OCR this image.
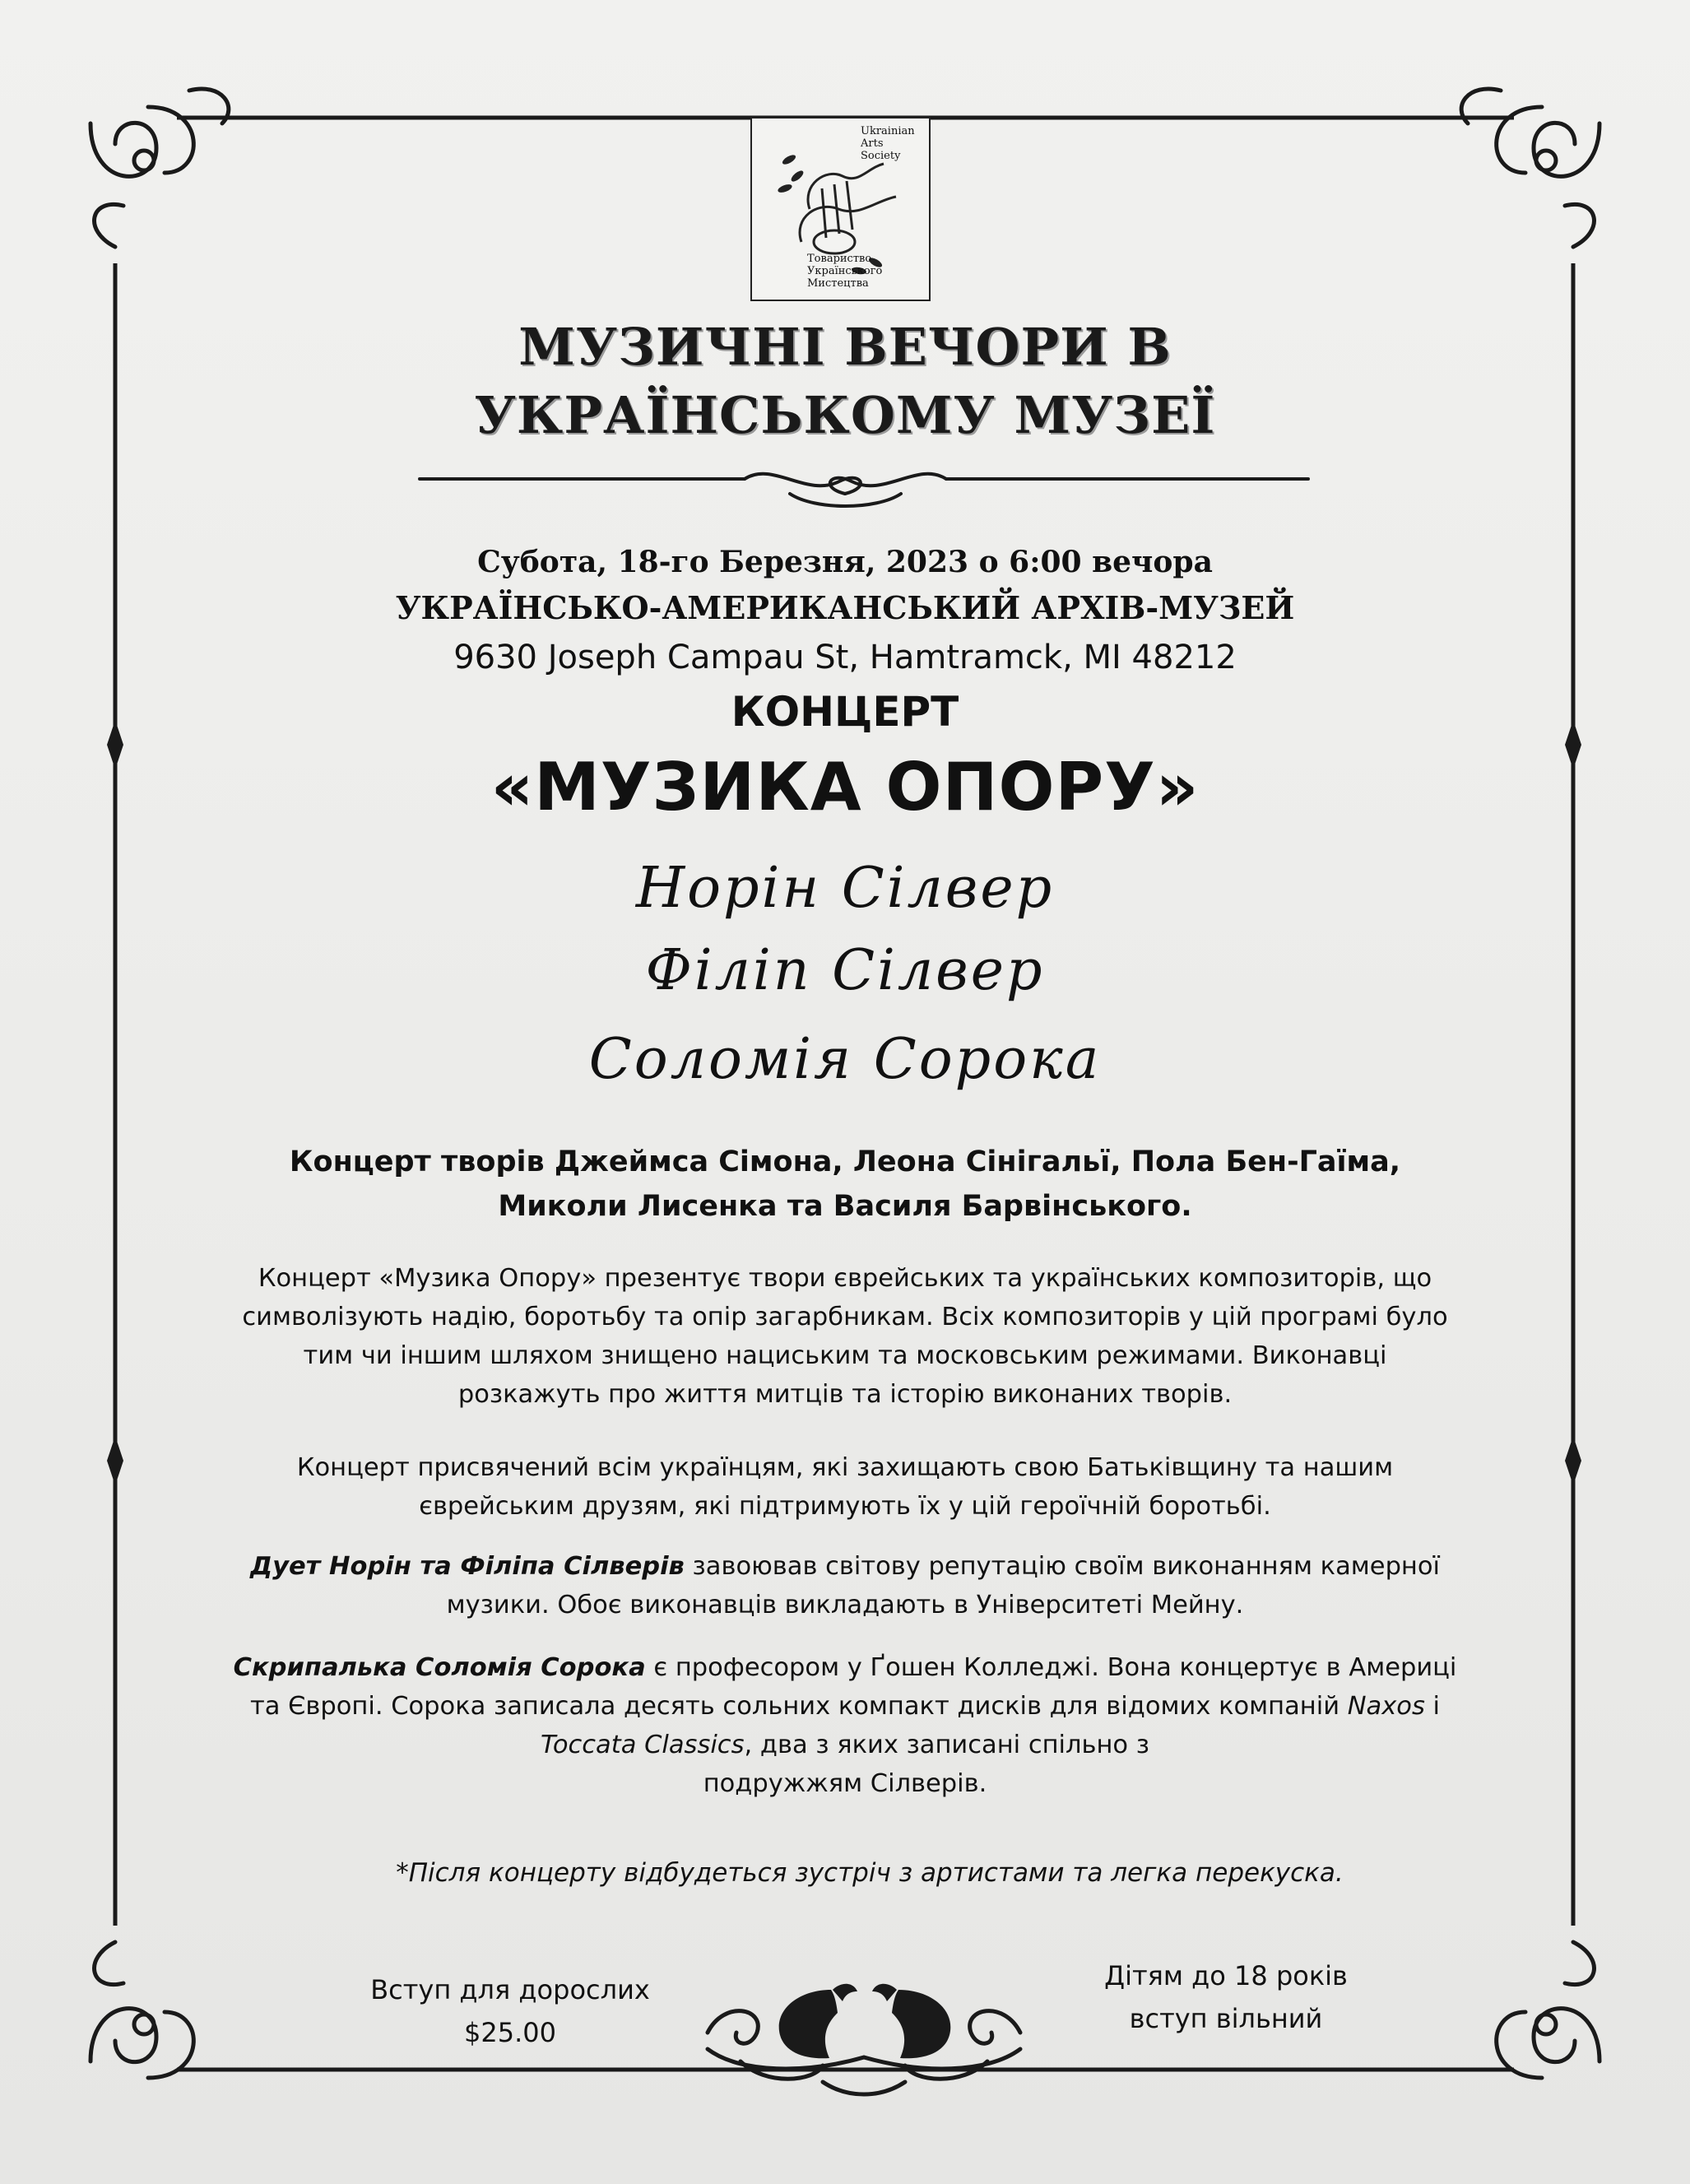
Ukrainian
Arts Society
Товариство
Українського Мистецтва
МУЗИЧНІ ВЕЧОРИ В
УКРАЇНСЬКОМУ МУЗЕЇ
Субота, 18-го Березня, 2023 о 6:00 вечора
УКРАЇНСЬКО-АМЕРИКАНСЬКИЙ АРХІВ-МУЗЕЙ
9630 Joseph Campau St, Hamtramck, MI 48212
КОНЦЕРТ
«МУЗИКА ОПОРУ»
Норін Сілвер
Філіп Сілвер
Соломія Сорока
Концерт творів Джеймса Сімона, Леона Сінігальї, Пола Бен-Гаїма,
Миколи Лисенка та Василя Барвінського.
Концерт «Музика Опору» презентує твори єврейських та українських композиторів, що
символізують надію, боротьбу та опір загарбникам. Всіх композиторів у цій програмі було
тим чи іншим шляхом знищено нациським та московським режимами. Виконавці
розкажуть про життя митців та історію виконаних творів.
Концерт присвячений всім українцям, які захищають свою Батьківщину та нашим
єврейським друзям, які підтримують їх у цій героїчній боротьбі.
Дует Норін та Філіпа Сілверів завоював світову репутацію своїм виконанням камерної
музики. Обоє виконавців викладають в Університеті Мейну.
Скрипалька Соломія Сорока є професором у Ґошен Колледжі. Вона концертує в Америці
та Європі. Сорока записала десять сольних компакт дисків для відомих компаній Naxos і
Toccata Classics, два з яких записані спільно з
подружжям Сілверів.
*Після концерту відбудеться зустріч з артистами та легка перекуска.
Вступ для дорослих
$25.00
Дітям до 18 років
вступ вільний
